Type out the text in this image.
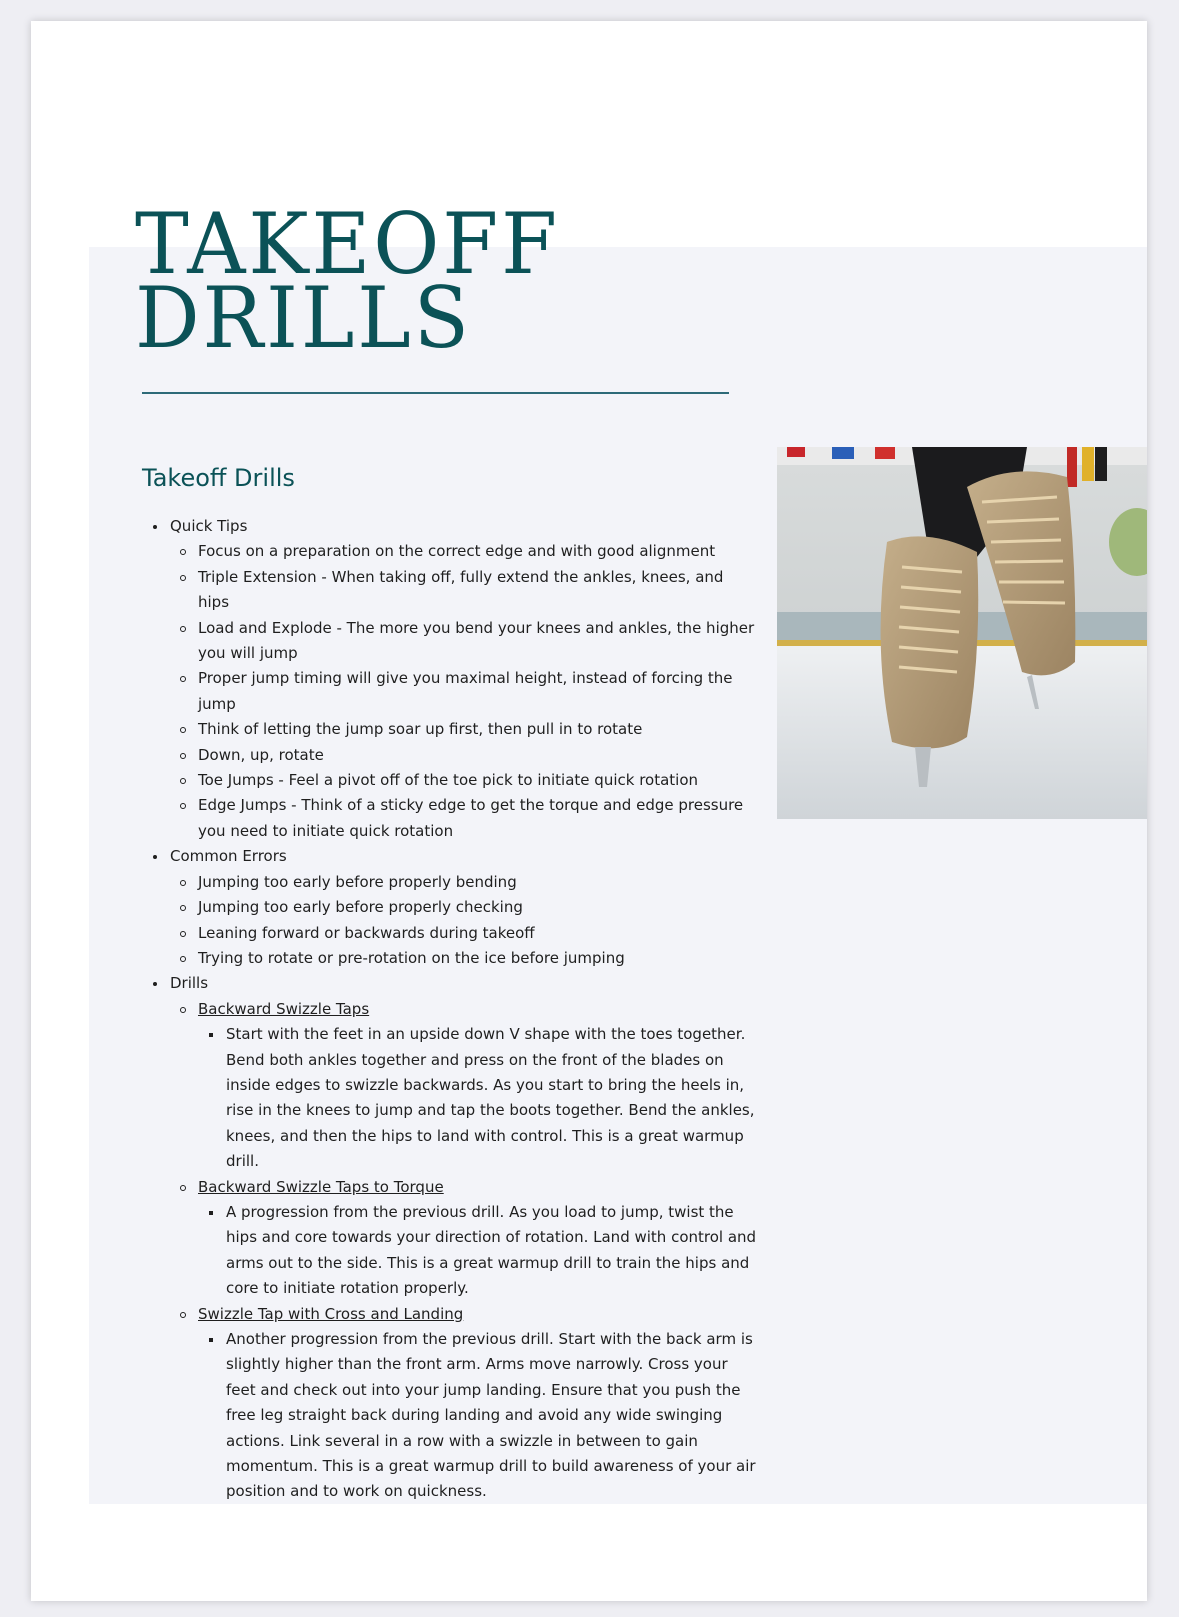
TAKEOFF
DRILLS
Takeoff Drills
Quick Tips
Focus on a preparation on the correct edge and with good alignment
Triple Extension - When taking off, fully extend the ankles, knees, and hips
Load and Explode - The more you bend your knees and ankles, the higher you will jump
Proper jump timing will give you maximal height, instead of forcing the jump
Think of letting the jump soar up first, then pull in to rotate
Down, up, rotate
Toe Jumps - Feel a pivot off of the toe pick to initiate quick rotation
Edge Jumps - Think of a sticky edge to get the torque and edge pressure you need to initiate quick rotation
Common Errors
Jumping too early before properly bending
Jumping too early before properly checking
Leaning forward or backwards during takeoff
Trying to rotate or pre-rotation on the ice before jumping
Drills
Backward Swizzle Taps
Start with the feet in an upside down V shape with the toes together. Bend both ankles together and press on the front of the blades on inside edges to swizzle backwards. As you start to bring the heels in, rise in the knees to jump and tap the boots together. Bend the ankles, knees, and then the hips to land with control. This is a great warmup drill.
Backward Swizzle Taps to Torque
A progression from the previous drill. As you load to jump, twist the hips and core towards your direction of rotation. Land with control and arms out to the side. This is a great warmup drill to train the hips and core to initiate rotation properly.
Swizzle Tap with Cross and Landing
Another progression from the previous drill. Start with the back arm is slightly higher than the front arm. Arms move narrowly. Cross your feet and check out into your jump landing. Ensure that you push the free leg straight back during landing and avoid any wide swinging actions. Link several in a row with a swizzle in between to gain momentum. This is a great warmup drill to build awareness of your air position and to work on quickness.
